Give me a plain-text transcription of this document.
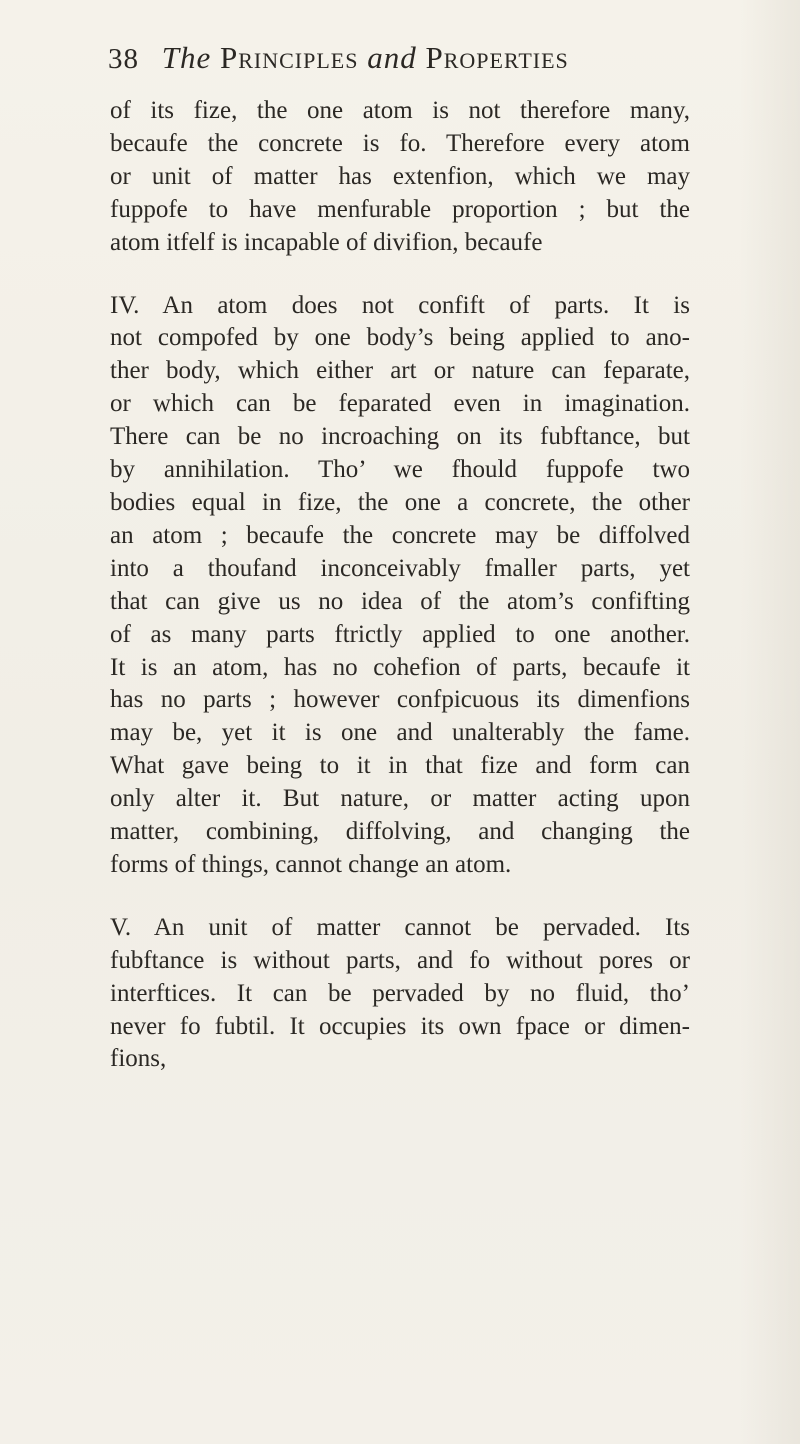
38 The Principles and Properties

of its fize, the one atom is not therefore many,
becaufe the concrete is fo. Therefore every atom
or unit of matter has extenfion, which we may
fuppofe to have menfurable proportion ; but the
atom itfelf is incapable of divifion, becaufe

IV. An atom does not confift of parts. It is
not compofed by one body’s being applied to ano-
ther body, which either art or nature can feparate,
or which can be feparated even in imagination.
There can be no incroaching on its fubftance, but
by annihilation. Tho’ we fhould fuppofe two
bodies equal in fize, the one a concrete, the other
an atom ; becaufe the concrete may be diffolved
into a thoufand inconceivably fmaller parts, yet
that can give us no idea of the atom’s confifting
of as many parts ftrictly applied to one another.
It is an atom, has no cohefion of parts, becaufe it
has no parts ; however confpicuous its dimenfions
may be, yet it is one and unalterably the fame.
What gave being to it in that fize and form can
only alter it. But nature, or matter acting upon
matter, combining, diffolving, and changing the
forms of things, cannot change an atom.

V. An unit of matter cannot be pervaded. Its
fubftance is without parts, and fo without pores or
interftices. It can be pervaded by no fluid, tho’
never fo fubtil. It occupies its own fpace or dimen-
fions,
